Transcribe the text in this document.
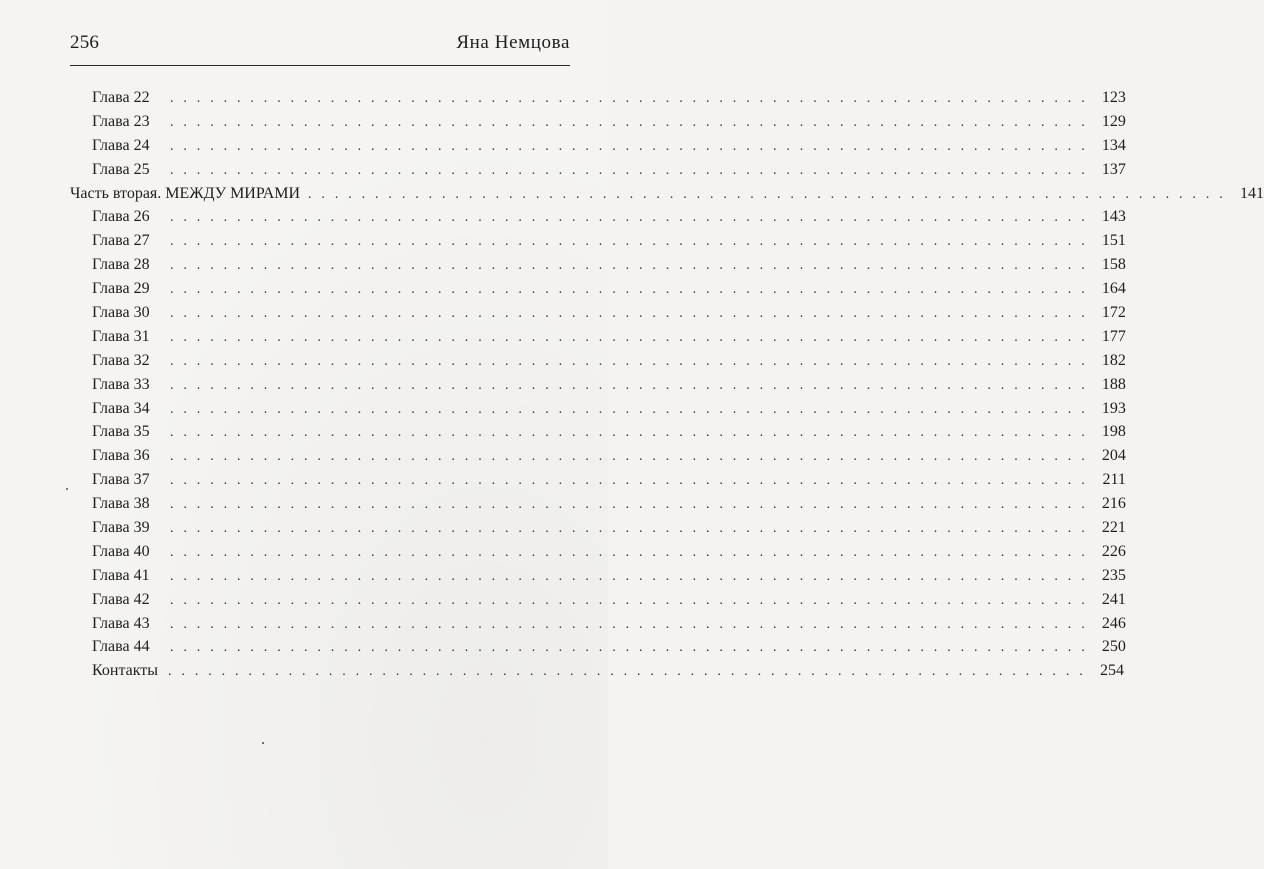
256	Яна Немцова
Глава 22	. . . . . . . . . . . . . . . . . . . . . . . . . . . . . . . . . . . . . . . . . . . . . . . . . . . . . . . . . . . . . . . . . . . . . 123
Глава 23	. . . . . . . . . . . . . . . . . . . . . . . . . . . . . . . . . . . . . . . . . . . . . . . . . . . . . . . . . . . . . . . . . . . . . 129
Глава 24	. . . . . . . . . . . . . . . . . . . . . . . . . . . . . . . . . . . . . . . . . . . . . . . . . . . . . . . . . . . . . . . . . . . . . 134
Глава 25	. . . . . . . . . . . . . . . . . . . . . . . . . . . . . . . . . . . . . . . . . . . . . . . . . . . . . . . . . . . . . . . . . . . . . 137
Часть вторая. МЕЖДУ МИРАМИ . . . . . . . . . . . . . . . . . . . . . . . . . . . . . . . . . . . . . . . . . . . . . . . . . . . . . . . . . . . . . . . . . . . . . 141
Глава 26	. . . . . . . . . . . . . . . . . . . . . . . . . . . . . . . . . . . . . . . . . . . . . . . . . . . . . . . . . . . . . . . . . . . . . 143
Глава 27	. . . . . . . . . . . . . . . . . . . . . . . . . . . . . . . . . . . . . . . . . . . . . . . . . . . . . . . . . . . . . . . . . . . . . 151
Глава 28	. . . . . . . . . . . . . . . . . . . . . . . . . . . . . . . . . . . . . . . . . . . . . . . . . . . . . . . . . . . . . . . . . . . . . 158
Глава 29	. . . . . . . . . . . . . . . . . . . . . . . . . . . . . . . . . . . . . . . . . . . . . . . . . . . . . . . . . . . . . . . . . . . . . 164
Глава 30	. . . . . . . . . . . . . . . . . . . . . . . . . . . . . . . . . . . . . . . . . . . . . . . . . . . . . . . . . . . . . . . . . . . . . 172
Глава 31	. . . . . . . . . . . . . . . . . . . . . . . . . . . . . . . . . . . . . . . . . . . . . . . . . . . . . . . . . . . . . . . . . . . . . 177
Глава 32	. . . . . . . . . . . . . . . . . . . . . . . . . . . . . . . . . . . . . . . . . . . . . . . . . . . . . . . . . . . . . . . . . . . . . 182
Глава 33	. . . . . . . . . . . . . . . . . . . . . . . . . . . . . . . . . . . . . . . . . . . . . . . . . . . . . . . . . . . . . . . . . . . . . 188
Глава 34	. . . . . . . . . . . . . . . . . . . . . . . . . . . . . . . . . . . . . . . . . . . . . . . . . . . . . . . . . . . . . . . . . . . . . 193
Глава 35	. . . . . . . . . . . . . . . . . . . . . . . . . . . . . . . . . . . . . . . . . . . . . . . . . . . . . . . . . . . . . . . . . . . . . 198
Глава 36	. . . . . . . . . . . . . . . . . . . . . . . . . . . . . . . . . . . . . . . . . . . . . . . . . . . . . . . . . . . . . . . . . . . . . 204
Глава 37	. . . . . . . . . . . . . . . . . . . . . . . . . . . . . . . . . . . . . . . . . . . . . . . . . . . . . . . . . . . . . . . . . . . . . 211
Глава 38	. . . . . . . . . . . . . . . . . . . . . . . . . . . . . . . . . . . . . . . . . . . . . . . . . . . . . . . . . . . . . . . . . . . . . 216
Глава 39	. . . . . . . . . . . . . . . . . . . . . . . . . . . . . . . . . . . . . . . . . . . . . . . . . . . . . . . . . . . . . . . . . . . . . 221
Глава 40	. . . . . . . . . . . . . . . . . . . . . . . . . . . . . . . . . . . . . . . . . . . . . . . . . . . . . . . . . . . . . . . . . . . . . 226
Глава 41	. . . . . . . . . . . . . . . . . . . . . . . . . . . . . . . . . . . . . . . . . . . . . . . . . . . . . . . . . . . . . . . . . . . . . 235
Глава 42	. . . . . . . . . . . . . . . . . . . . . . . . . . . . . . . . . . . . . . . . . . . . . . . . . . . . . . . . . . . . . . . . . . . . . 241
Глава 43	. . . . . . . . . . . . . . . . . . . . . . . . . . . . . . . . . . . . . . . . . . . . . . . . . . . . . . . . . . . . . . . . . . . . . 246
Глава 44	. . . . . . . . . . . . . . . . . . . . . . . . . . . . . . . . . . . . . . . . . . . . . . . . . . . . . . . . . . . . . . . . . . . . . 250
Контакты . . . . . . . . . . . . . . . . . . . . . . . . . . . . . . . . . . . . . . . . . . . . . . . . . . . . . . . . . . . . . . . . . . . . . 254
